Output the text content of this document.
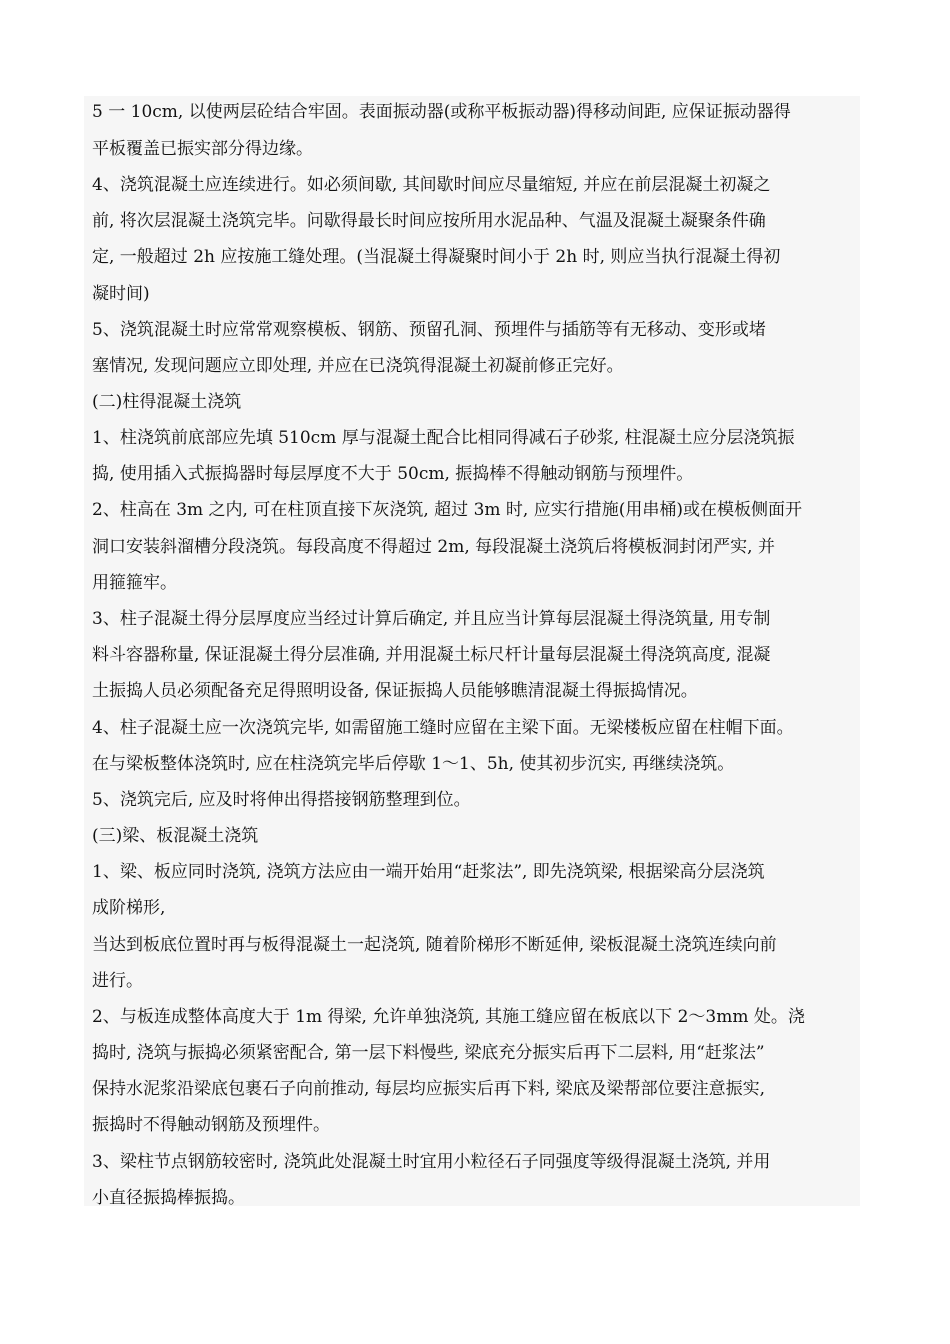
5 一 10cm, 以使两层砼结合牢固。表面振动器(或称平板振动器)得移动间距, 应保证振动器得
平板覆盖已振实部分得边缘。
4、浇筑混凝土应连续进行。如必须间歇, 其间歇时间应尽量缩短, 并应在前层混凝土初凝之
前, 将次层混凝土浇筑完毕。问歇得最长时间应按所用水泥品种、气温及混凝土凝聚条件确
定, 一般超过 2h 应按施工缝处理。(当混凝土得凝聚时间小于 2h 时, 则应当执行混凝土得初
凝时间)
5、浇筑混凝土时应常常观察模板、钢筋、预留孔洞、预埋件与插筋等有无移动、变形或堵
塞情况, 发现问题应立即处理, 并应在已浇筑得混凝土初凝前修正完好。
(二)柱得混凝土浇筑
1、柱浇筑前底部应先填 510cm 厚与混凝土配合比相同得减石子砂浆, 柱混凝土应分层浇筑振
捣, 使用插入式振捣器时每层厚度不大于 50cm, 振捣棒不得触动钢筋与预埋件。
2、柱高在 3m 之内, 可在柱顶直接下灰浇筑, 超过 3m 时, 应实行措施(用串桶)或在模板侧面开
洞口安装斜溜槽分段浇筑。每段高度不得超过 2m, 每段混凝土浇筑后将模板洞封闭严实, 并
用箍箍牢。
3、柱子混凝土得分层厚度应当经过计算后确定, 并且应当计算每层混凝土得浇筑量, 用专制
料斗容器称量, 保证混凝土得分层准确, 并用混凝土标尺杆计量每层混凝土得浇筑高度, 混凝
土振捣人员必须配备充足得照明设备, 保证振捣人员能够瞧清混凝土得振捣情况。
4、柱子混凝土应一次浇筑完毕, 如需留施工缝时应留在主梁下面。无梁楼板应留在柱帽下面。
在与梁板整体浇筑时, 应在柱浇筑完毕后停歇 1～1、5h, 使其初步沉实, 再继续浇筑。
5、浇筑完后, 应及时将伸出得搭接钢筋整理到位。
(三)梁、板混凝土浇筑
1、梁、板应同时浇筑, 浇筑方法应由一端开始用“赶浆法”, 即先浇筑梁, 根据梁高分层浇筑
成阶梯形,
当达到板底位置时再与板得混凝土一起浇筑, 随着阶梯形不断延伸, 梁板混凝土浇筑连续向前
进行。
2、与板连成整体高度大于 1m 得梁, 允许单独浇筑, 其施工缝应留在板底以下 2～3mm 处。浇
捣时, 浇筑与振捣必须紧密配合, 第一层下料慢些, 梁底充分振实后再下二层料, 用“赶浆法”
保持水泥浆沿梁底包裹石子向前推动, 每层均应振实后再下料, 梁底及梁帮部位要注意振实,
振捣时不得触动钢筋及预埋件。
3、梁柱节点钢筋较密时, 浇筑此处混凝土时宜用小粒径石子同强度等级得混凝土浇筑, 并用
小直径振捣棒振捣。
